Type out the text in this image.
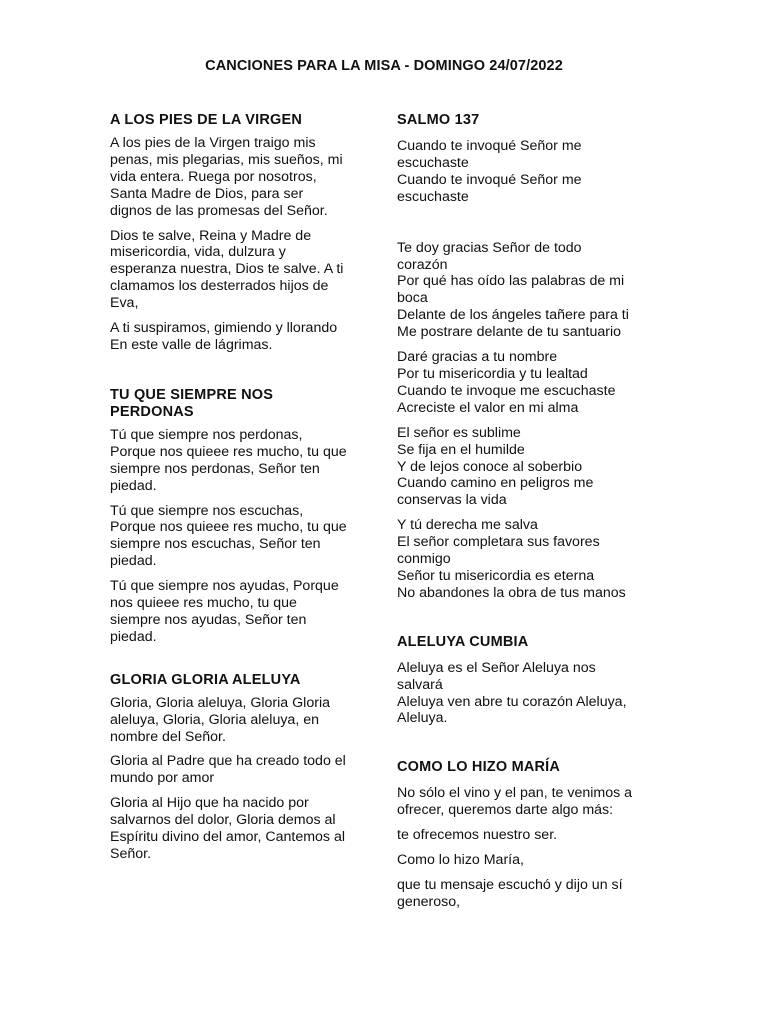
CANCIONES PARA LA MISA - DOMINGO 24/07/2022
A LOS PIES DE LA VIRGEN
A los pies de la Virgen traigo mis
penas, mis plegarias, mis sueños, mi
vida entera. Ruega por nosotros,
Santa Madre de Dios, para ser
dignos de las promesas del Señor.
Dios te salve, Reina y Madre de
misericordia, vida, dulzura y
esperanza nuestra, Dios te salve. A ti
clamamos los desterrados hijos de
Eva,
A ti suspiramos, gimiendo y llorando
En este valle de lágrimas.
TU QUE SIEMPRE NOS
PERDONAS
Tú que siempre nos perdonas,
Porque nos quieee res mucho, tu que
siempre nos perdonas, Señor ten
piedad.
Tú que siempre nos escuchas,
Porque nos quieee res mucho, tu que
siempre nos escuchas, Señor ten
piedad.
Tú que siempre nos ayudas, Porque
nos quieee res mucho, tu que
siempre nos ayudas, Señor ten
piedad.
GLORIA GLORIA ALELUYA
Gloria, Gloria aleluya, Gloria Gloria
aleluya, Gloria, Gloria aleluya, en
nombre del Señor.
Gloria al Padre que ha creado todo el
mundo por amor
Gloria al Hijo que ha nacido por
salvarnos del dolor, Gloria demos al
Espíritu divino del amor, Cantemos al
Señor.
SALMO 137
Cuando te invoqué Señor me
escuchaste
Cuando te invoqué Señor me
escuchaste
Te doy gracias Señor de todo
corazón
Por qué has oído las palabras de mi
boca
Delante de los ángeles tañere para ti
Me postrare delante de tu santuario
Daré gracias a tu nombre
Por tu misericordia y tu lealtad
Cuando te invoque me escuchaste
Acreciste el valor en mi alma
El señor es sublime
Se fija en el humilde
Y de lejos conoce al soberbio
Cuando camino en peligros me
conservas la vida
Y tú derecha me salva
El señor completara sus favores
conmigo
Señor tu misericordia es eterna
No abandones la obra de tus manos
ALELUYA CUMBIA
Aleluya es el Señor Aleluya nos
salvará
Aleluya ven abre tu corazón Aleluya,
Aleluya.
COMO LO HIZO MARÍA
No sólo el vino y el pan, te venimos a
ofrecer, queremos darte algo más:
te ofrecemos nuestro ser.
Como lo hizo María,
que tu mensaje escuchó y dijo un sí
generoso,
